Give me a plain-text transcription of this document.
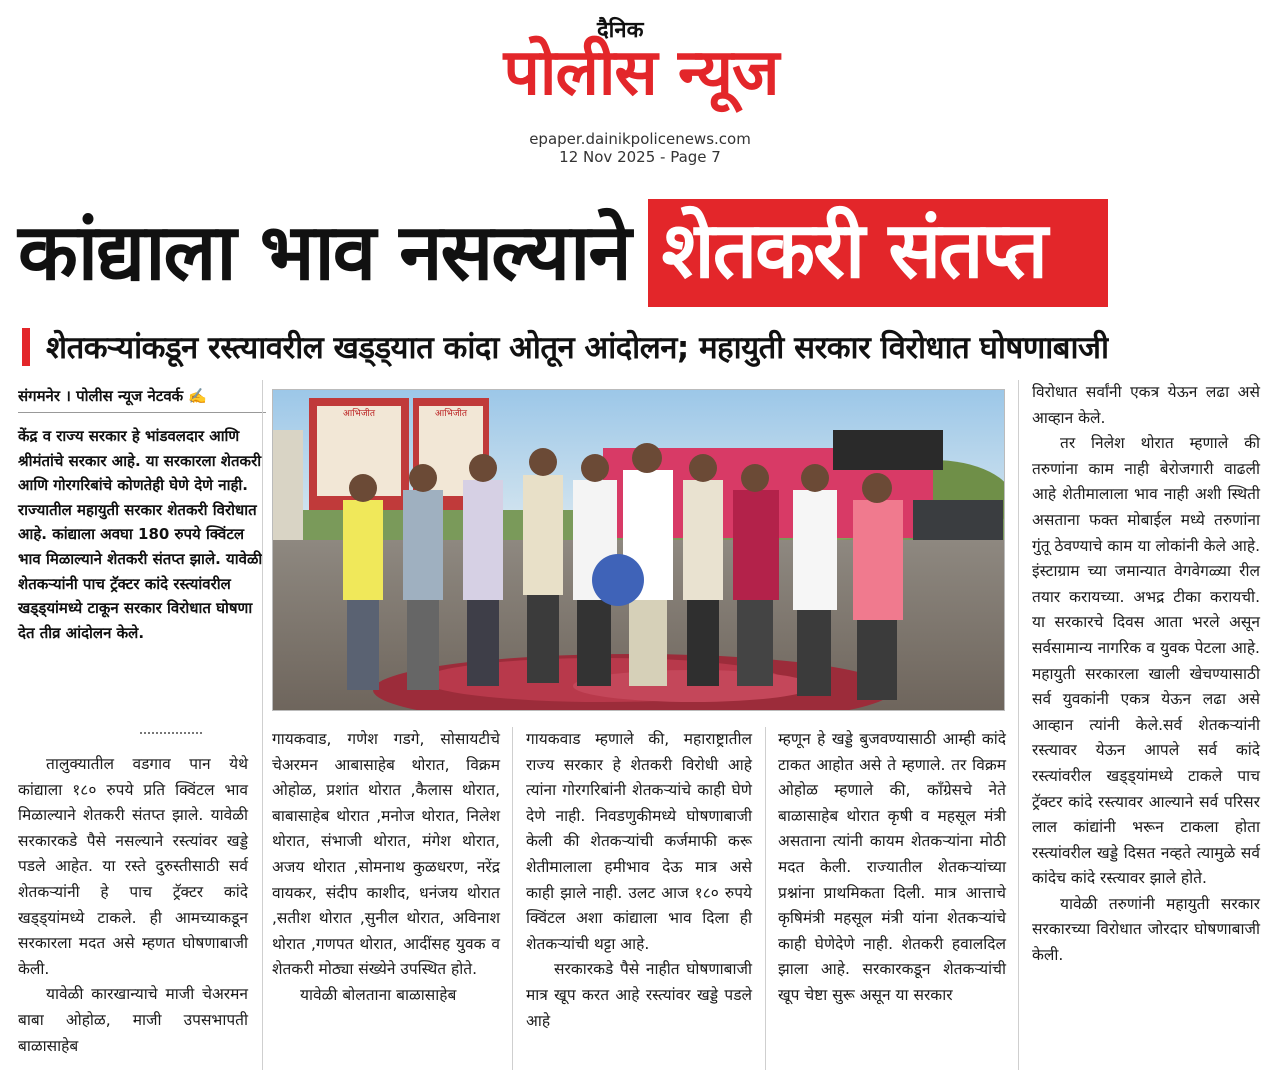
दैनिक
पोलीस न्यूज
epaper.dainikpolicenews.com
12 Nov 2025 - Page 7
कांद्याला भाव नसल्याने शेतकरी संतप्त
शेतकऱ्यांकडून रस्त्यावरील खड्ड्यात कांदा ओतून आंदोलन; महायुती सरकार विरोधात घोषणाबाजी
संगमनेर । पोलीस न्यूज नेटवर्क ✍️
केंद्र व राज्य सरकार हे भांडवलदार आणि श्रीमंतांचे सरकार आहे. या सरकारला शेतकरी आणि गोरगरिबांचे कोणतेही घेणे देणे नाही. राज्यातील महायुती सरकार शेतकरी विरोधात आहे. कांद्याला अवघा 180 रुपये क्विंटल भाव मिळाल्याने शेतकरी संतप्त झाले. यावेळी शेतकऱ्यांनी पाच ट्रॅक्टर कांदे रस्त्यांवरील खड्ड्यांमध्ये टाकून सरकार विरोधात घोषणा देत तीव्र आंदोलन केले.
आभिजीत	आभिजीत

तालुक्यातील वडगाव पान येथे कांद्याला १८० रुपये प्रति क्विंटल भाव मिळाल्याने शेतकरी संतप्त झाले. यावेळी सरकारकडे पैसे नसल्याने रस्त्यांवर खड्डे पडले आहेत. या रस्ते दुरुस्तीसाठी सर्व शेतकऱ्यांनी हे पाच ट्रॅक्टर कांदे खड्ड्यांमध्ये टाकले. ही आमच्याकडून सरकारला मदत असे म्हणत घोषणाबाजी केली.

यावेळी कारखान्याचे माजी चेअरमन बाबा ओहोळ, माजी उपसभापती बाळासाहेब

गायकवाड, गणेश गडगे, सोसायटीचे चेअरमन आबासाहेब थोरात, विक्रम ओहोळ, प्रशांत थोरात ,कैलास थोरात, बाबासाहेब थोरात ,मनोज थोरात, निलेश थोरात, संभाजी थोरात, मंगेश थोरात, अजय थोरात ,सोमनाथ कुळधरण, नरेंद्र वायकर, संदीप काशीद, धनंजय थोरात ,सतीश थोरात ,सुनील थोरात, अविनाश थोरात ,गणपत थोरात, आदींसह युवक व शेतकरी मोठ्या संख्येने उपस्थित होते.

यावेळी बोलताना बाळासाहेब

गायकवाड म्हणाले की, महाराष्ट्रातील राज्य सरकार हे शेतकरी विरोधी आहे त्यांना गोरगरिबांनी शेतकऱ्यांचे काही घेणे देणे नाही. निवडणुकीमध्ये घोषणाबाजी केली की शेतकऱ्यांची कर्जमाफी करू शेतीमालाला हमीभाव देऊ मात्र असे काही झाले नाही. उलट आज १८० रुपये क्विंटल अशा कांद्याला भाव दिला ही शेतकऱ्यांची थट्टा आहे.

सरकारकडे पैसे नाहीत घोषणाबाजी मात्र खूप करत आहे रस्त्यांवर खड्डे पडले आहे

म्हणून हे खड्डे बुजवण्यासाठी आम्ही कांदे टाकत आहोत असे ते म्हणाले. तर विक्रम ओहोळ म्हणाले की, काँग्रेसचे नेते बाळासाहेब थोरात कृषी व महसूल मंत्री असताना त्यांनी कायम शेतकऱ्यांना मोठी मदत केली. राज्यातील शेतकऱ्यांच्या प्रश्नांना प्राथमिकता दिली. मात्र आत्ताचे कृषिमंत्री महसूल मंत्री यांना शेतकऱ्यांचे काही घेणेदेणे नाही. शेतकरी हवालदिल झाला आहे. सरकारकडून शेतकऱ्यांची खूप चेष्टा सुरू असून या सरकार

विरोधात सर्वांनी एकत्र येऊन लढा असे आव्हान केले.

तर निलेश थोरात म्हणाले की तरुणांना काम नाही बेरोजगारी वाढली आहे शेतीमालाला भाव नाही अशी स्थिती असताना फक्त मोबाईल मध्ये तरुणांना गुंतू ठेवण्याचे काम या लोकांनी केले आहे. इंस्टाग्राम च्या जमान्यात वेगवेगळ्या रील तयार करायच्या. अभद्र टीका करायची. या सरकारचे दिवस आता भरले असून सर्वसामान्य नागरिक व युवक पेटला आहे. महायुती सरकारला खाली खेचण्यासाठी सर्व युवकांनी एकत्र येऊन लढा असे आव्हान त्यांनी केले.सर्व शेतकऱ्यांनी रस्त्यावर येऊन आपले सर्व कांदे रस्त्यांवरील खड्ड्यांमध्ये टाकले पाच ट्रॅक्टर कांदे रस्त्यावर आल्याने सर्व परिसर लाल कांद्यांनी भरून टाकला होता रस्त्यांवरील खड्डे दिसत नव्हते त्यामुळे सर्व कांदेच कांदे रस्त्यावर झाले होते.

यावेळी तरुणांनी महायुती सरकार सरकारच्या विरोधात जोरदार घोषणाबाजी केली.
